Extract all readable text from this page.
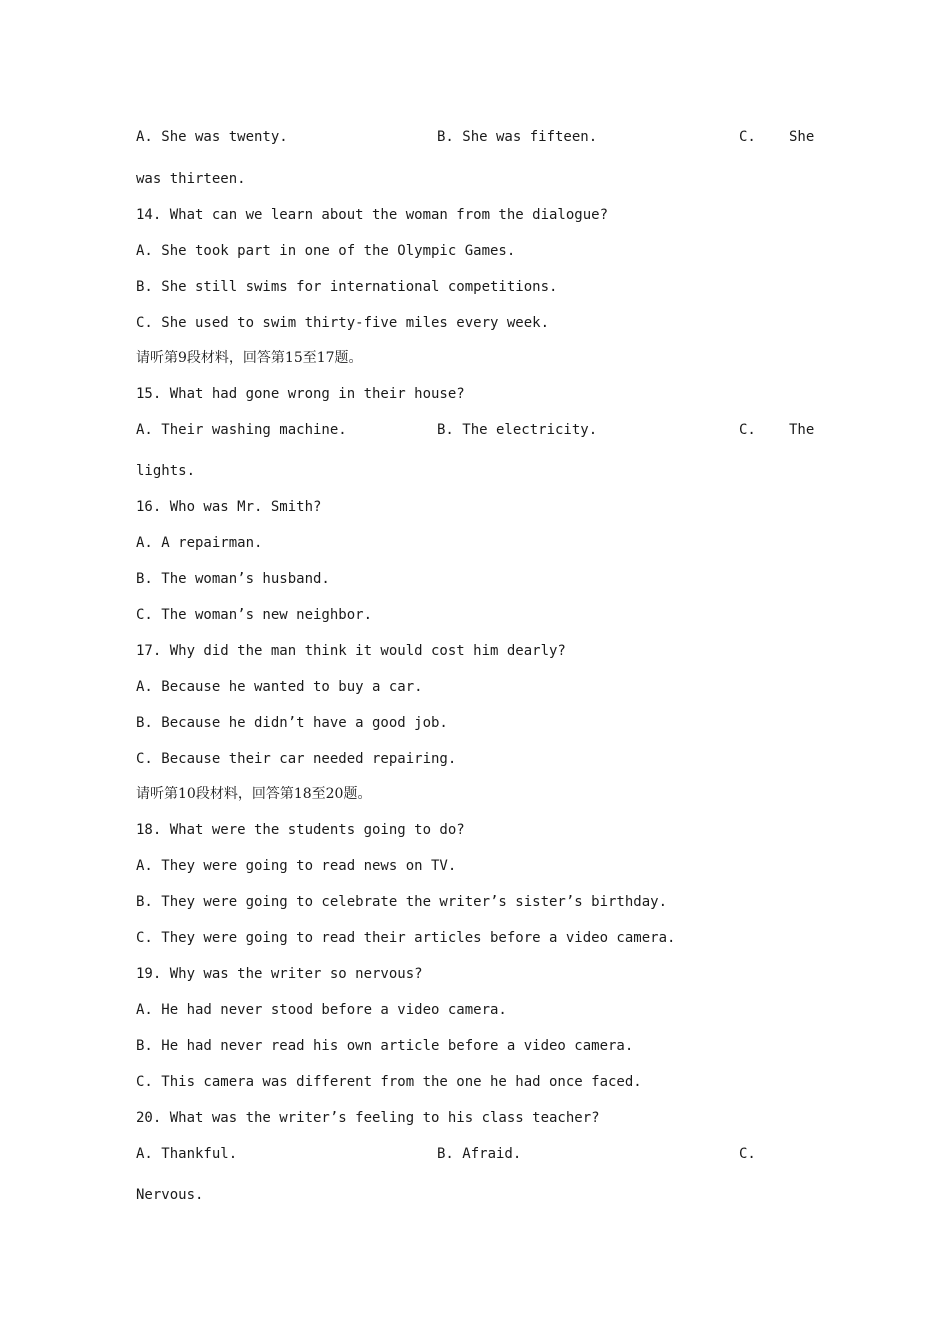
A. She was twenty.	B. She was fifteen.	C. She
was thirteen.
14. What can we learn about the woman from the dialogue?
A. She took part in one of the Olympic Games.
B. She still swims for international competitions.
C. She used to swim thirty-five miles every week.
请听第9段材料，回答第15至17题。
15. What had gone wrong in their house?
A. Their washing machine.	B. The electricity.	C. The
lights.
16. Who was Mr. Smith?
A. A repairman.
B. The woman’s husband.
C. The woman’s new neighbor.
17. Why did the man think it would cost him dearly?
A. Because he wanted to buy a car.
B. Because he didn’t have a good job.
C. Because their car needed repairing.
请听第10段材料，回答第18至20题。
18. What were the students going to do?
A. They were going to read news on TV.
B. They were going to celebrate the writer’s sister’s birthday.
C. They were going to read their articles before a video camera.
19. Why was the writer so nervous?
A. He had never stood before a video camera.
B. He had never read his own article before a video camera.
C. This camera was different from the one he had once faced.
20. What was the writer’s feeling to his class teacher?
A. Thankful.	B. Afraid.	C.
Nervous.
